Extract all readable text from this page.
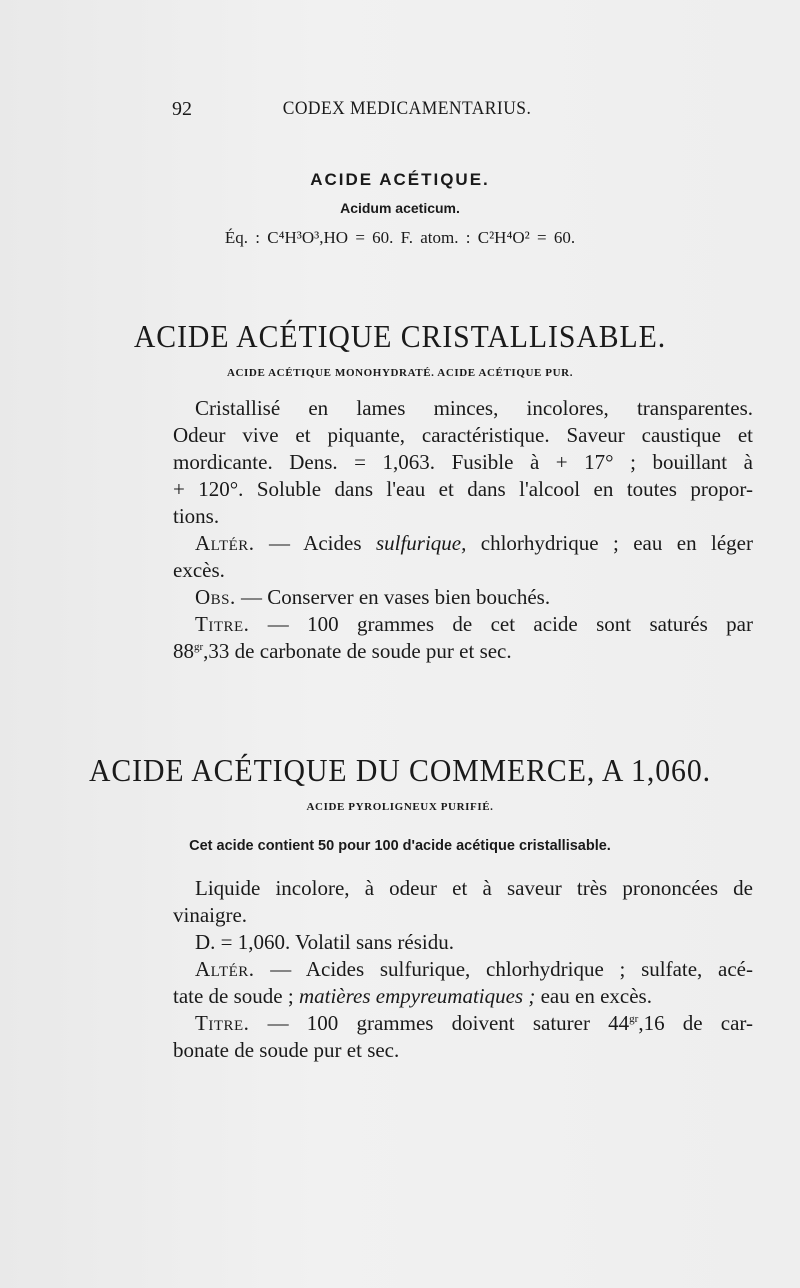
92	CODEX MEDICAMENTARIUS.
ACIDE ACÉTIQUE.
Acidum aceticum.
Éq. : C⁴H³O³,HO = 60. F. atom. : C²H⁴O² = 60.
ACIDE ACÉTIQUE CRISTALLISABLE.
ACIDE ACÉTIQUE MONOHYDRATÉ. ACIDE ACÉTIQUE PUR.
Cristallisé en lames minces, incolores, transparentes.
Odeur vive et piquante, caractéristique. Saveur caustique et
mordicante. Dens. = 1,063. Fusible à + 17° ; bouillant à
+ 120°. Soluble dans l'eau et dans l'alcool en toutes propor-
tions.
Altér. — Acides sulfurique, chlorhydrique ; eau en léger
excès.
Obs. — Conserver en vases bien bouchés.
Titre. — 100 grammes de cet acide sont saturés par
$88^{gr},33$ de carbonate de soude pur et sec.
ACIDE ACÉTIQUE DU COMMERCE, A 1,060.
ACIDE PYROLIGNEUX PURIFIÉ.
Cet acide contient 50 pour 100 d'acide acétique cristallisable.
Liquide incolore, à odeur et à saveur très prononcées de
vinaigre.
D. = 1,060. Volatil sans résidu.
Altér. — Acides sulfurique, chlorhydrique ; sulfate, acé-
tate de soude ; matières empyreumatiques ; eau en excès.
Titre. — 100 grammes doivent saturer $44^{gr},16$ de car-
bonate de soude pur et sec.
